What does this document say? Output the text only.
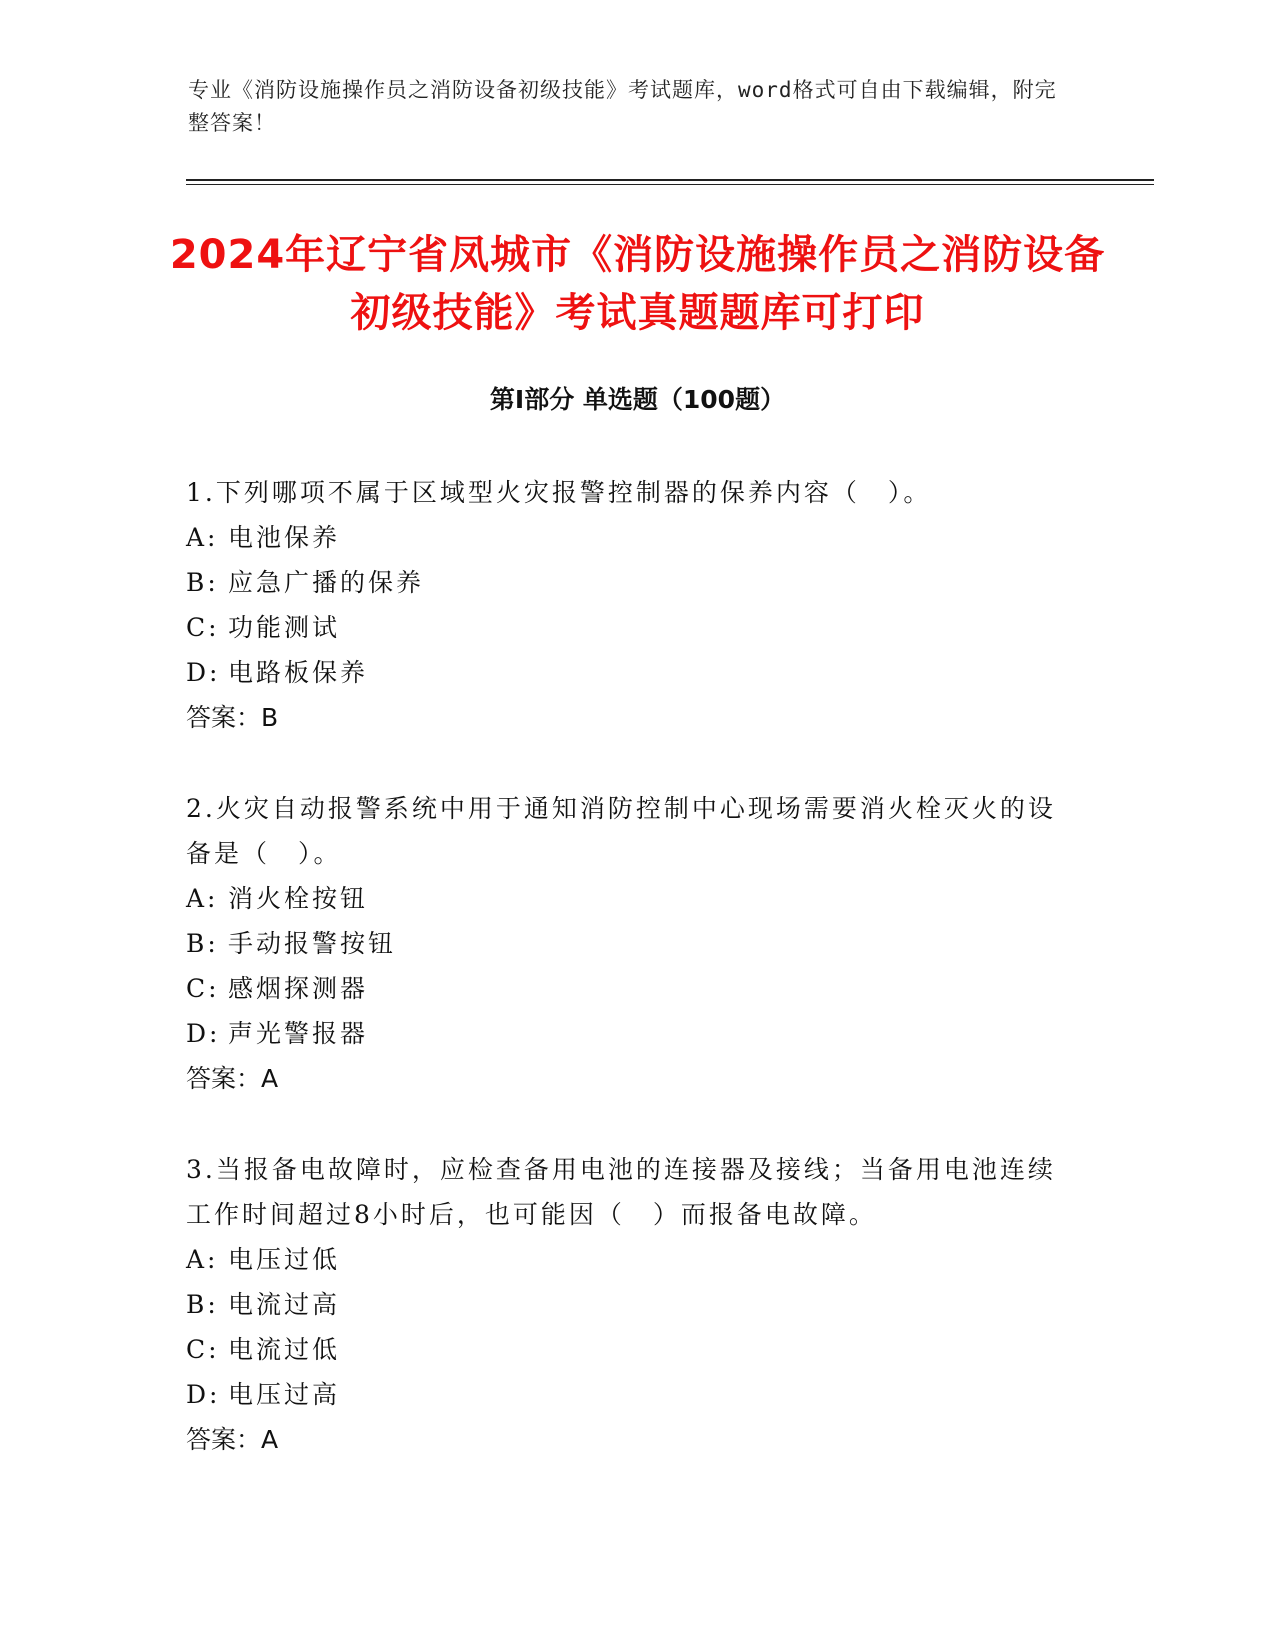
专业《消防设施操作员之消防设备初级技能》考试题库，word格式可自由下载编辑，附完整答案！
2024年辽宁省凤城市《消防设施操作员之消防设备初级技能》考试真题题库可打印
第Ⅰ部分 单选题（100题）
1.下列哪项不属于区域型火灾报警控制器的保养内容（　）。
A: 电池保养
B: 应急广播的保养
C: 功能测试
D: 电路板保养
答案：B
2.火灾自动报警系统中用于通知消防控制中心现场需要消火栓灭火的设备是（　）。
A: 消火栓按钮
B: 手动报警按钮
C: 感烟探测器
D: 声光警报器
答案：A
3.当报备电故障时，应检查备用电池的连接器及接线；当备用电池连续工作时间超过8小时后，也可能因（　）而报备电故障。
A: 电压过低
B: 电流过高
C: 电流过低
D: 电压过高
答案：A
